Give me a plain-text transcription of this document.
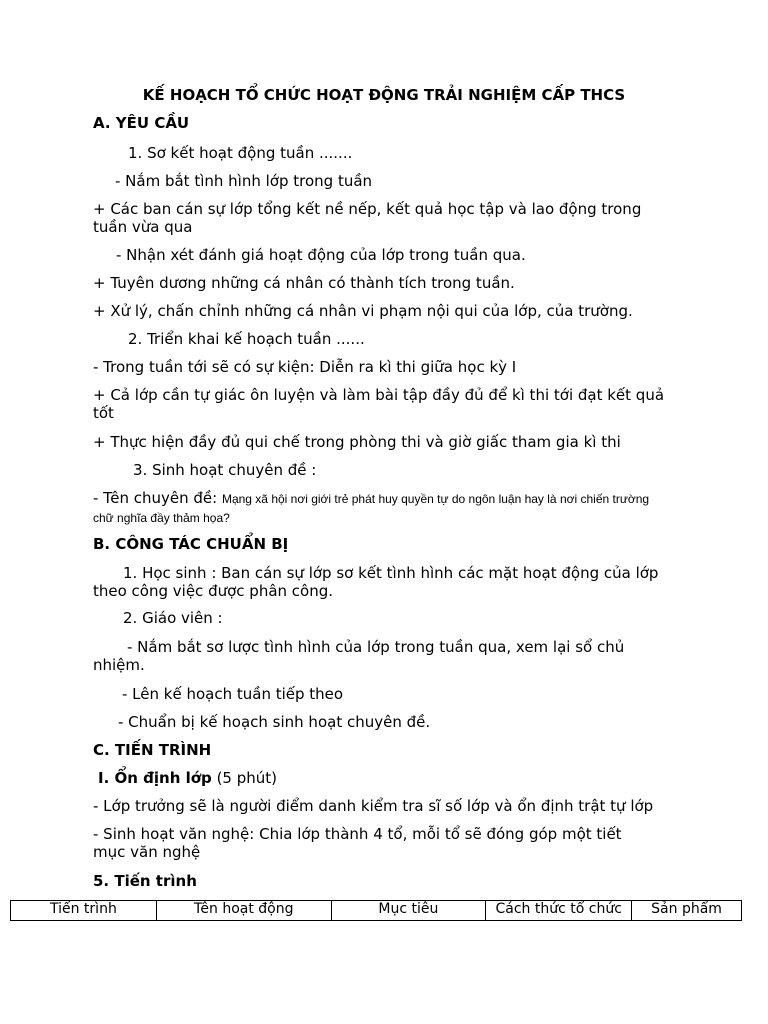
KẾ HOẠCH TỔ CHỨC HOẠT ĐỘNG TRẢI NGHIỆM CẤP THCS
A. YÊU CẦU
1. Sơ kết hoạt động tuần .......
- Nắm bắt tình hình lớp trong tuần
+ Các ban cán sự lớp tổng kết nề nếp, kết quả học tập và lao động trong tuần vừa qua
- Nhận xét đánh giá hoạt động của lớp trong tuần qua.
+ Tuyên dương những cá nhân có thành tích trong tuần.
+ Xử lý, chấn chỉnh những cá nhân vi phạm nội qui của lớp, của trường.
2. Triển khai kế hoạch tuần ......
- Trong tuần tới sẽ có sự kiện: Diễn ra kì thi giữa học kỳ I
+ Cả lớp cần tự giác ôn luyện và làm bài tập đầy đủ để kì thi tới đạt kết quả tốt
+ Thực hiện đầy đủ qui chế trong phòng thi và giờ giấc tham gia kì thi
3. Sinh hoạt chuyên đề :
- Tên chuyên đề: Mạng xã hội nơi giới trẻ phát huy quyền tự do ngôn luận hay là nơi chiến trường chữ nghĩa đầy thảm họa?
B. CÔNG TÁC CHUẨN BỊ
1. Học sinh : Ban cán sự lớp sơ kết tình hình các mặt hoạt động của lớp theo công việc được phân công.
2. Giáo viên :
- Nắm bắt sơ lược tình hình của lớp trong tuần qua, xem lại sổ chủ nhiệm.
- Lên kế hoạch tuần tiếp theo
- Chuẩn bị kế hoạch sinh hoạt chuyên đề.
C. TIẾN TRÌNH
I. Ổn định lớp (5 phút)
- Lớp trưởng sẽ là người điểm danh kiểm tra sĩ số lớp và ổn định trật tự lớp
- Sinh hoạt văn nghệ: Chia lớp thành 4 tổ, mỗi tổ sẽ đóng góp một tiết mục văn nghệ
5. Tiến trình
Tiến trình	Tên hoạt động	Mục tiêu	Cách thức tổ chức	Sản phẩm
